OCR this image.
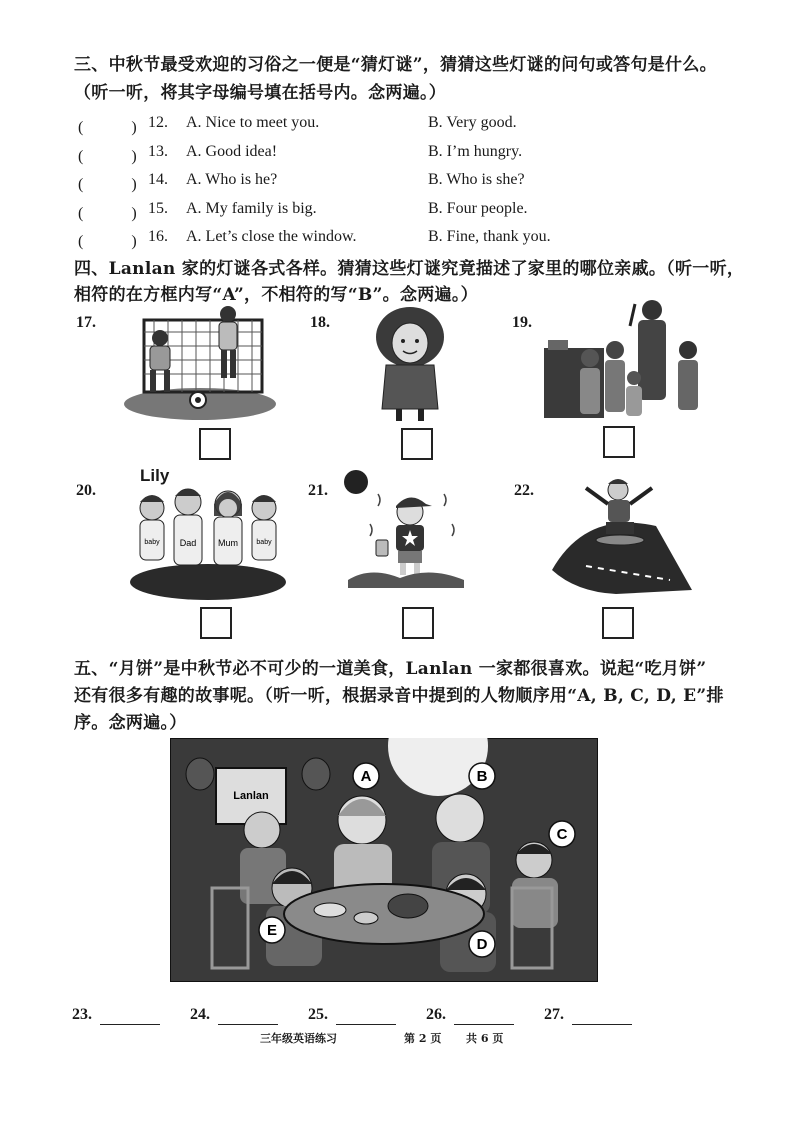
三、中秋节最受欢迎的习俗之一便是“猜灯谜”，猜猜这些灯谜的问句或答句是什么。
（听一听，将其字母编号填在括号内。念两遍。）
(　　　) 12. A. Nice to meet you.	B. Very good.
(　　　) 13. A. Good idea!	B. I’m hungry.
(　　　) 14. A. Who is he?	B. Who is she?
(　　　) 15. A. My family is big.	B. Four people.
(　　　) 16. A. Let’s close the window.	B. Fine, thank you.
四、Lanlan 家的灯谜各式各样。猜猜这些灯谜究竟描述了家里的哪位亲戚。（听一听，
相符的在方框内写“A”，不相符的写“B”。念两遍。）
17.	18.	19.
20.
Lily
baby Dad Mum	baby
21.	22.
五、“月饼”是中秋节必不可少的一道美食，Lanlan 一家都很喜欢。说起“吃月饼”
还有很多有趣的故事呢。（听一听，根据录音中提到的人物顺序用“A, B, C, D, E”排
序。念两遍。）
Lanlan
A	B
C
D
E
23.	24.	25.	26.	27.
三年级英语练习	第 2 页 共 6 页
